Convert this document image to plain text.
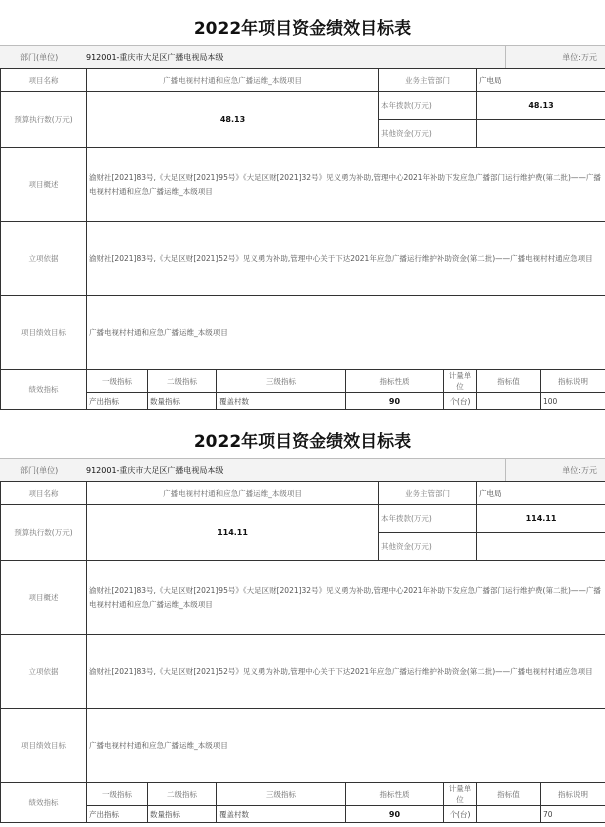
2022年项目资金绩效目标表
部门(单位)	912001-重庆市大足区广播电视局本级	单位:万元
项目名称	广播电视村村通和应急广播运维_本级项目				业务主管部门		广电局	
预算执行数(万元)	48.13				本年拨款(万元)		48.13	
					其他资金(万元)			
项目概述	渝财社[2021]83号,《大足区财[2021]95号》《大足区财[2021]32号》见义勇为补助,管理中心2021年补助下发应急广播部门运行维护费(第二批)——广播电视村村通和应急广播运维_本级项目							
立项依据	渝财社[2021]83号,《大足区财[2021]52号》见义勇为补助,管理中心关于下达2021年应急广播运行维护补助资金(第二批)——广播电视村村通应急项目							
项目绩效目标	广播电视村村通和应急广播运维_本级项目							
绩效指标	一级指标	二级指标	三级指标	指标性质		计量单位	指标值	指标说明
	产出指标	数量指标	覆盖村数	90		个(台)		100
2022年项目资金绩效目标表
部门(单位)	912001-重庆市大足区广播电视局本级	单位:万元
项目名称	广播电视村村通和应急广播运维_本级项目				业务主管部门		广电局	
预算执行数(万元)	114.11				本年拨款(万元)		114.11	
					其他资金(万元)			
项目概述	渝财社[2021]83号,《大足区财[2021]95号》《大足区财[2021]32号》见义勇为补助,管理中心2021年补助下发应急广播部门运行维护费(第二批)——广播电视村村通和应急广播运维_本级项目							
立项依据	渝财社[2021]83号,《大足区财[2021]52号》见义勇为补助,管理中心关于下达2021年应急广播运行维护补助资金(第二批)——广播电视村村通应急项目							
项目绩效目标	广播电视村村通和应急广播运维_本级项目							
绩效指标	一级指标	二级指标	三级指标	指标性质		计量单位	指标值	指标说明
	产出指标	数量指标	覆盖村数	90		个(台)		70
